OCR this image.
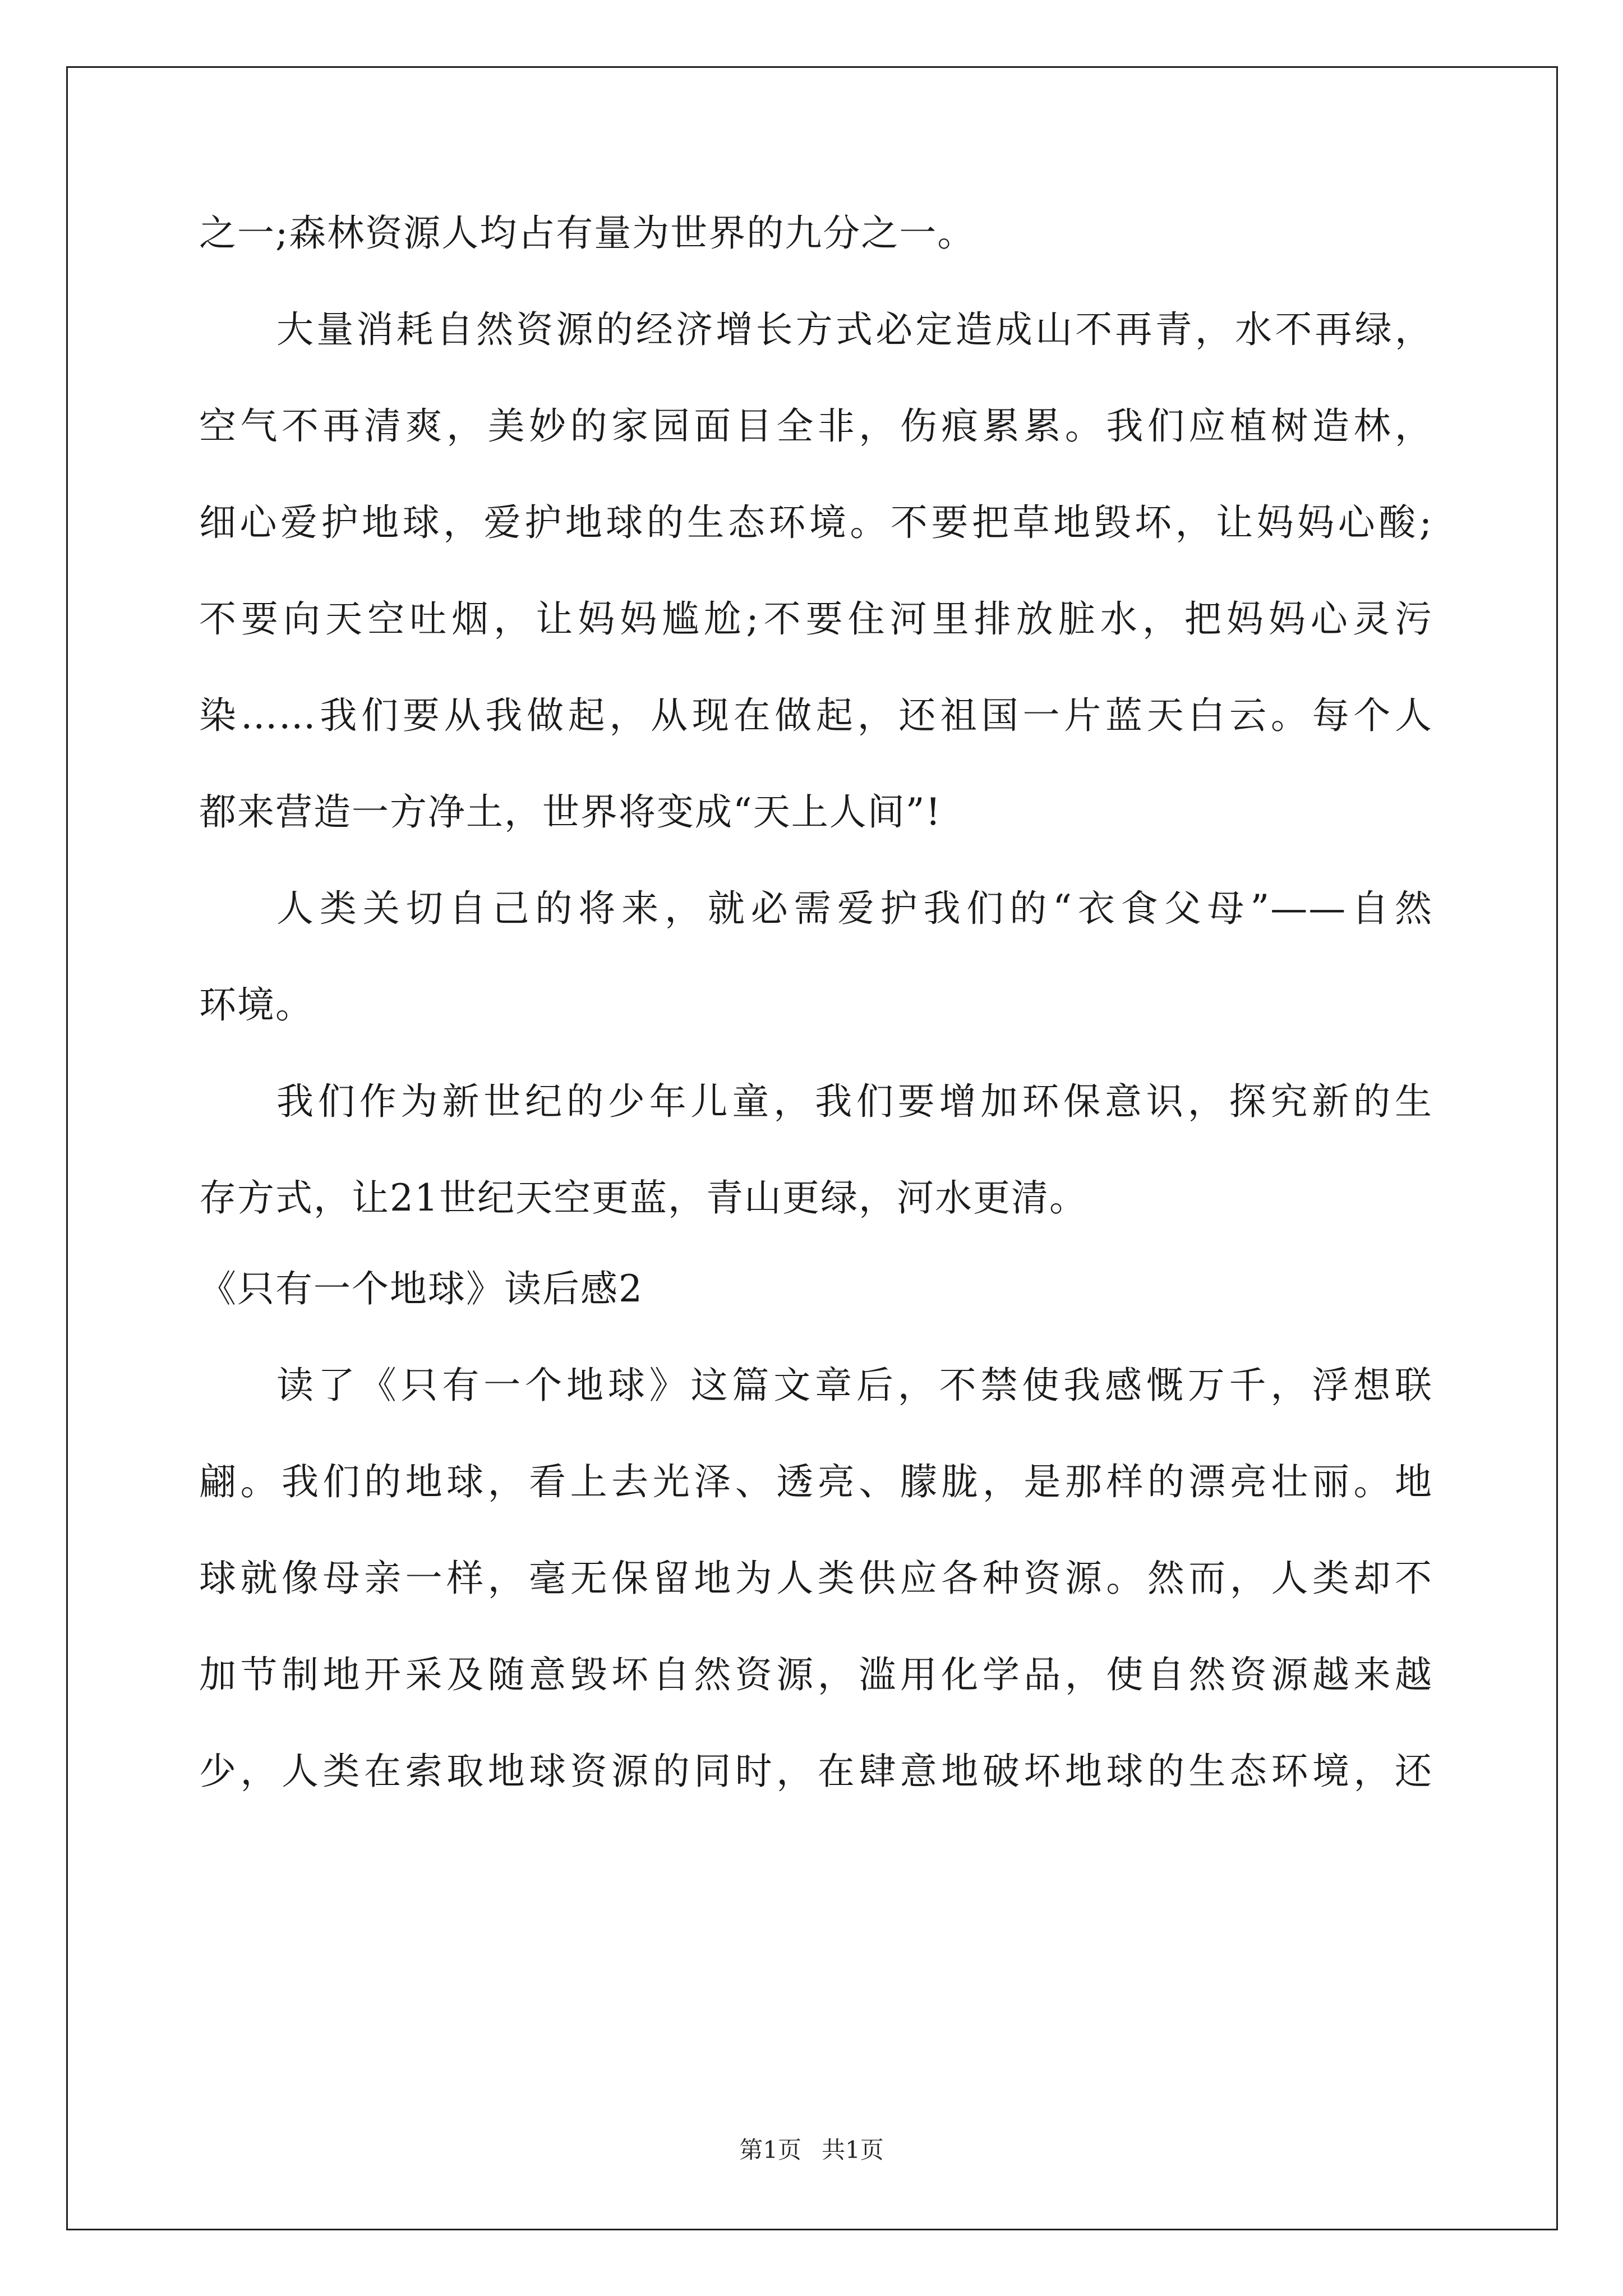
之一;森林资源人均占有量为世界的九分之一。
大量消耗自然资源的经济增长方式必定造成山不再青，水不再绿，
空气不再清爽，美妙的家园面目全非，伤痕累累。我们应植树造林，
细心爱护地球，爱护地球的生态环境。不要把草地毁坏，让妈妈心酸;
不要向天空吐烟，让妈妈尴尬;不要住河里排放脏水，把妈妈心灵污
染……我们要从我做起，从现在做起，还祖国一片蓝天白云。每个人
都来营造一方净土，世界将变成“天上人间”!
人类关切自己的将来，就必需爱护我们的“衣食父母”——自然
环境。
我们作为新世纪的少年儿童，我们要增加环保意识，探究新的生
存方式，让21世纪天空更蓝，青山更绿，河水更清。
《只有一个地球》读后感2
读了《只有一个地球》这篇文章后，不禁使我感慨万千，浮想联
翩。我们的地球，看上去光泽、透亮、朦胧，是那样的漂亮壮丽。地
球就像母亲一样，毫无保留地为人类供应各种资源。然而，人类却不
加节制地开采及随意毁坏自然资源，滥用化学品，使自然资源越来越
少，人类在索取地球资源的同时，在肆意地破坏地球的生态环境，还
第1页 共1页
